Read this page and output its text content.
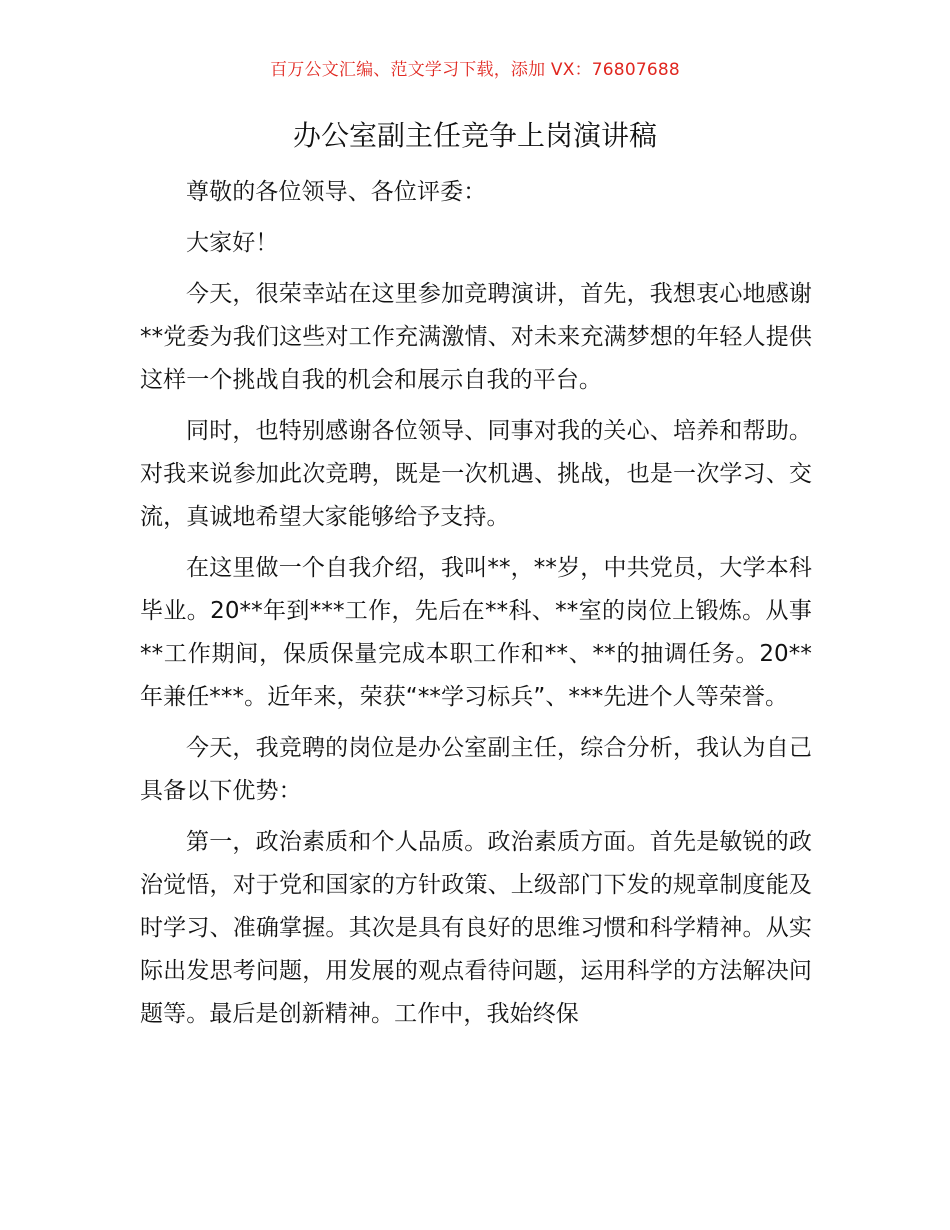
百万公文汇编、范文学习下载，添加 VX：76807688
办公室副主任竞争上岗演讲稿

尊敬的各位领导、各位评委：

大家好！

今天，很荣幸站在这里参加竞聘演讲，首先，我想衷心地感谢**党委为我们这些对工作充满激情、对未来充满梦想的年轻人提供这样一个挑战自我的机会和展示自我的平台。

同时，也特别感谢各位领导、同事对我的关心、培养和帮助。对我来说参加此次竞聘，既是一次机遇、挑战，也是一次学习、交流，真诚地希望大家能够给予支持。

在这里做一个自我介绍，我叫**，**岁，中共党员，大学本科毕业。20**年到***工作，先后在**科、**室的岗位上锻炼。从事**工作期间，保质保量完成本职工作和**、**的抽调任务。20**年兼任***。近年来，荣获“**学习标兵”、***先进个人等荣誉。

今天，我竞聘的岗位是办公室副主任，综合分析，我认为自己具备以下优势：

第一，政治素质和个人品质。政治素质方面。首先是敏锐的政治觉悟，对于党和国家的方针政策、上级部门下发的规章制度能及时学习、准确掌握。其次是具有良好的思维习惯和科学精神。从实际出发思考问题，用发展的观点看待问题，运用科学的方法解决问题等。最后是创新精神。工作中，我始终保
